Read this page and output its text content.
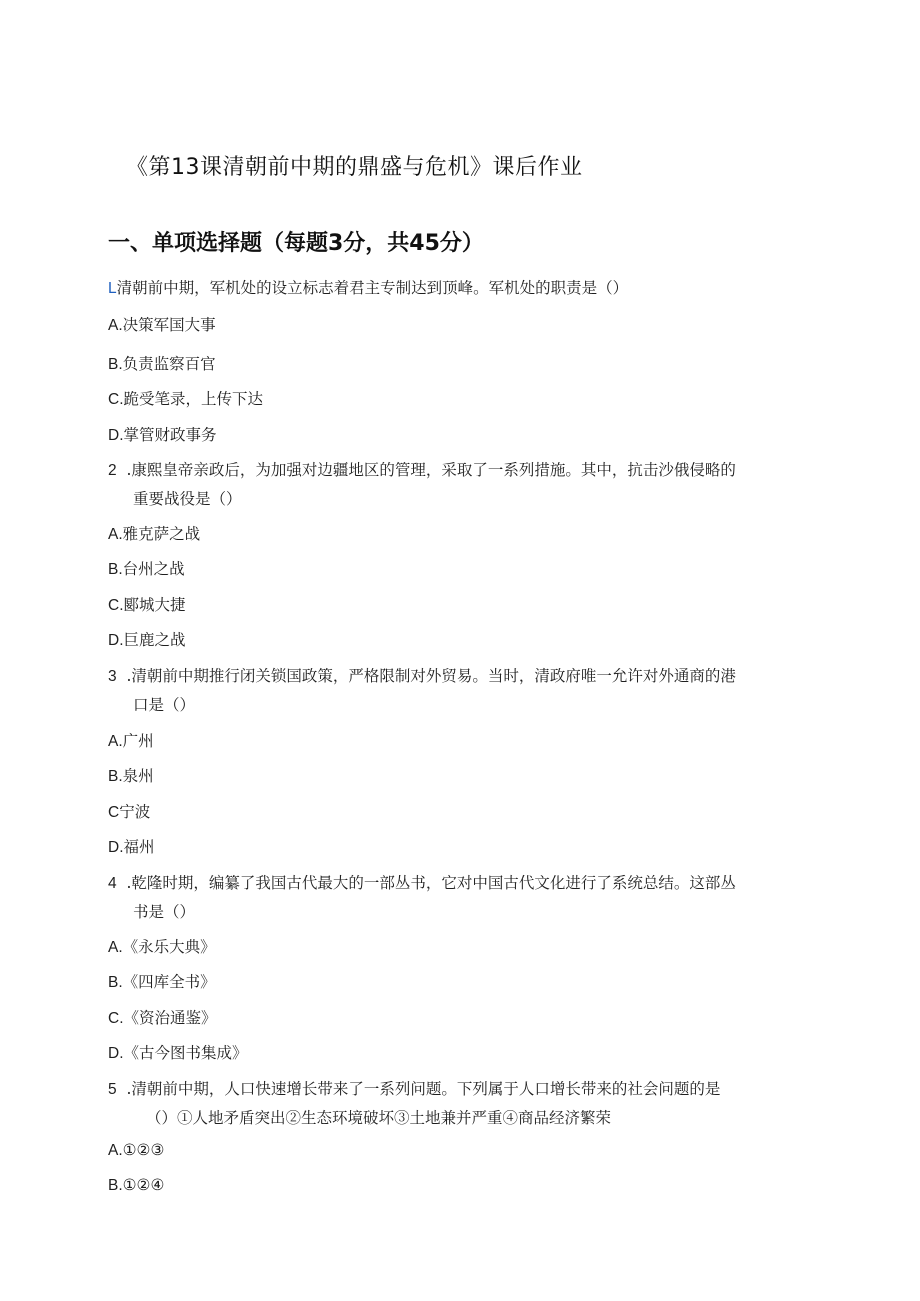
《第13课清朝前中期的鼎盛与危机》课后作业
一、单项选择题（每题3分，共45分）
L清朝前中期，军机处的设立标志着君主专制达到顶峰。军机处的职责是（）
A.决策军国大事
B.负责监察百官
C.跪受笔录，上传下达
D.掌管财政事务
2 .康熙皇帝亲政后，为加强对边疆地区的管理，采取了一系列措施。其中，抗击沙俄侵略的
重要战役是（）
A.雅克萨之战
B.台州之战
C.郾城大捷
D.巨鹿之战
3 .清朝前中期推行闭关锁国政策，严格限制对外贸易。当时，清政府唯一允许对外通商的港
口是（）
A.广州
B.泉州
C宁波
D.福州
4 .乾隆时期，编纂了我国古代最大的一部丛书，它对中国古代文化进行了系统总结。这部丛
书是（）
A.《永乐大典》
B.《四库全书》
C.《资治通鉴》
D.《古今图书集成》
5 .清朝前中期，人口快速增长带来了一系列问题。下列属于人口增长带来的社会问题的是
（）①人地矛盾突出②生态环境破坏③土地兼并严重④商品经济繁荣
A.①②③
B.①②④
